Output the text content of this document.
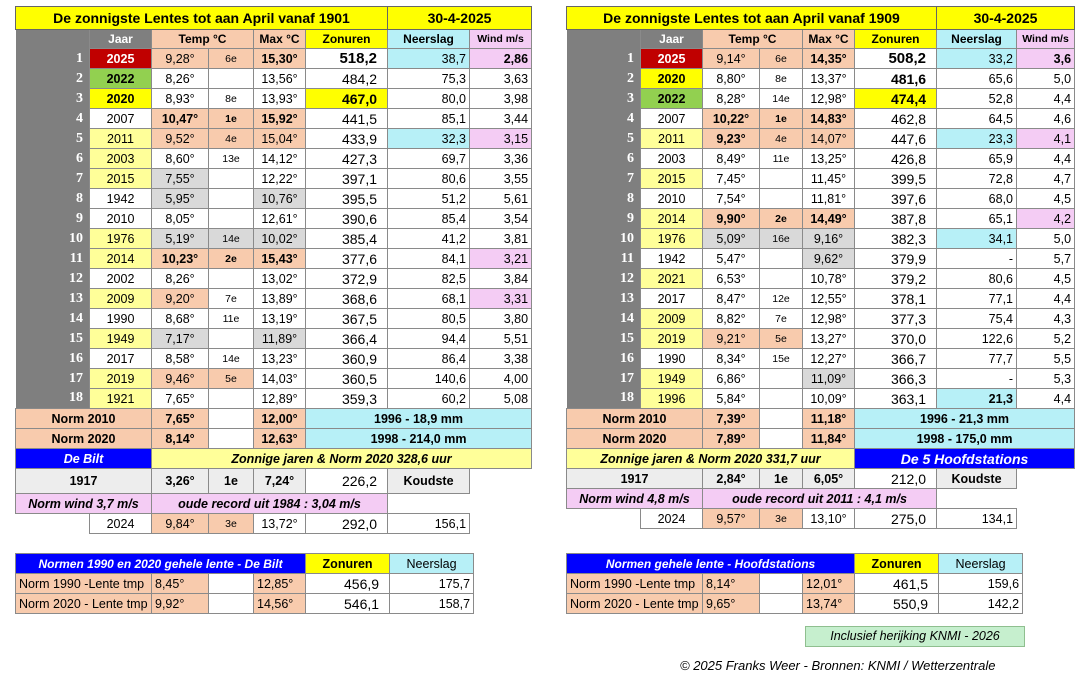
De zonnigste Lentes tot aan April vanaf 1901						30-4-2025	
	Jaar	Temp °C		Max °C	Zonuren	Neerslag	Wind m/s
1	2025	9,28°	6e	15,30°	518,2	38,7	2,86
2	2022	8,26°		13,56°	484,2	75,3	3,63
3	2020	8,93°	8e	13,93°	467,0	80,0	3,98
4	2007	10,47°	1e	15,92°	441,5	85,1	3,44
5	2011	9,52°	4e	15,04°	433,9	32,3	3,15
6	2003	8,60°	13e	14,12°	427,3	69,7	3,36
7	2015	7,55°		12,22°	397,1	80,6	3,55
8	1942	5,95°		10,76°	395,5	51,2	5,61
9	2010	8,05°		12,61°	390,6	85,4	3,54
10	1976	5,19°	14e	10,02°	385,4	41,2	3,81
11	2014	10,23°	2e	15,43°	377,6	84,1	3,21
12	2002	8,26°		13,02°	372,9	82,5	3,84
13	2009	9,20°	7e	13,89°	368,6	68,1	3,31
14	1990	8,68°	11e	13,19°	367,5	80,5	3,80
15	1949	7,17°		11,89°	366,4	94,4	5,51
16	2017	8,58°	14e	13,23°	360,9	86,4	3,38
17	2019	9,46°	5e	14,03°	360,5	140,6	4,00
18	1921	7,65°		12,89°	359,3	60,2	5,08
Norm 2010		7,65°		12,00°	1996 - 18,9 mm		
Norm 2020		8,14°		12,63°	1998 - 214,0 mm		
De Bilt		Zonnige jaren & Norm 2020 328,6 uur					
1917		3,26°	1e	7,24°	226,2	Koudste	
Norm wind 3,7 m/s		oude record uit 1984 : 3,04 m/s					
	2024	9,84°	3e	13,72°	292,0	156,1	
Normen 1990 en 2020 gehele lente - De Bilt				Zonuren	Neerslag
Norm 1990 -Lente tmp	8,45°		12,85°	456,9	175,7
Norm 2020 - Lente tmp	9,92°		14,56°	546,1	158,7
De zonnigste Lentes tot aan April vanaf 1909						30-4-2025	
	Jaar	Temp °C		Max °C	Zonuren	Neerslag	Wind m/s
1	2025	9,14°	6e	14,35°	508,2	33,2	3,6
2	2020	8,80°	8e	13,37°	481,6	65,6	5,0
3	2022	8,28°	14e	12,98°	474,4	52,8	4,4
4	2007	10,22°	1e	14,83°	462,8	64,5	4,6
5	2011	9,23°	4e	14,07°	447,6	23,3	4,1
6	2003	8,49°	11e	13,25°	426,8	65,9	4,4
7	2015	7,45°		11,45°	399,5	72,8	4,7
8	2010	7,54°		11,81°	397,6	68,0	4,5
9	2014	9,90°	2e	14,49°	387,8	65,1	4,2
10	1976	5,09°	16e	9,16°	382,3	34,1	5,0
11	1942	5,47°		9,62°	379,9	-	5,7
12	2021	6,53°		10,78°	379,2	80,6	4,5
13	2017	8,47°	12e	12,55°	378,1	77,1	4,4
14	2009	8,82°	7e	12,98°	377,3	75,4	4,3
15	2019	9,21°	5e	13,27°	370,0	122,6	5,2
16	1990	8,34°	15e	12,27°	366,7	77,7	5,5
17	1949	6,86°		11,09°	366,3	-	5,3
18	1996	5,84°		10,09°	363,1	21,3	4,4
Norm 2010		7,39°		11,18°	1996 - 21,3 mm		
Norm 2020		7,89°		11,84°	1998 - 175,0 mm		
Zonnige jaren & Norm 2020 331,7 uur					De 5 Hoofdstations		
1917		2,84°	1e	6,05°	212,0	Koudste	
Norm wind 4,8 m/s		oude record uit 2011 : 4,1 m/s					
	2024	9,57°	3e	13,10°	275,0	134,1	
Normen gehele lente - Hoofdstations				Zonuren	Neerslag
Norm 1990 -Lente tmp	8,14°		12,01°	461,5	159,6
Norm 2020 - Lente tmp	9,65°		13,74°	550,9	142,2
Inclusief herijking KNMI - 2026
© 2025 Franks Weer - Bronnen: KNMI / Wetterzentrale
